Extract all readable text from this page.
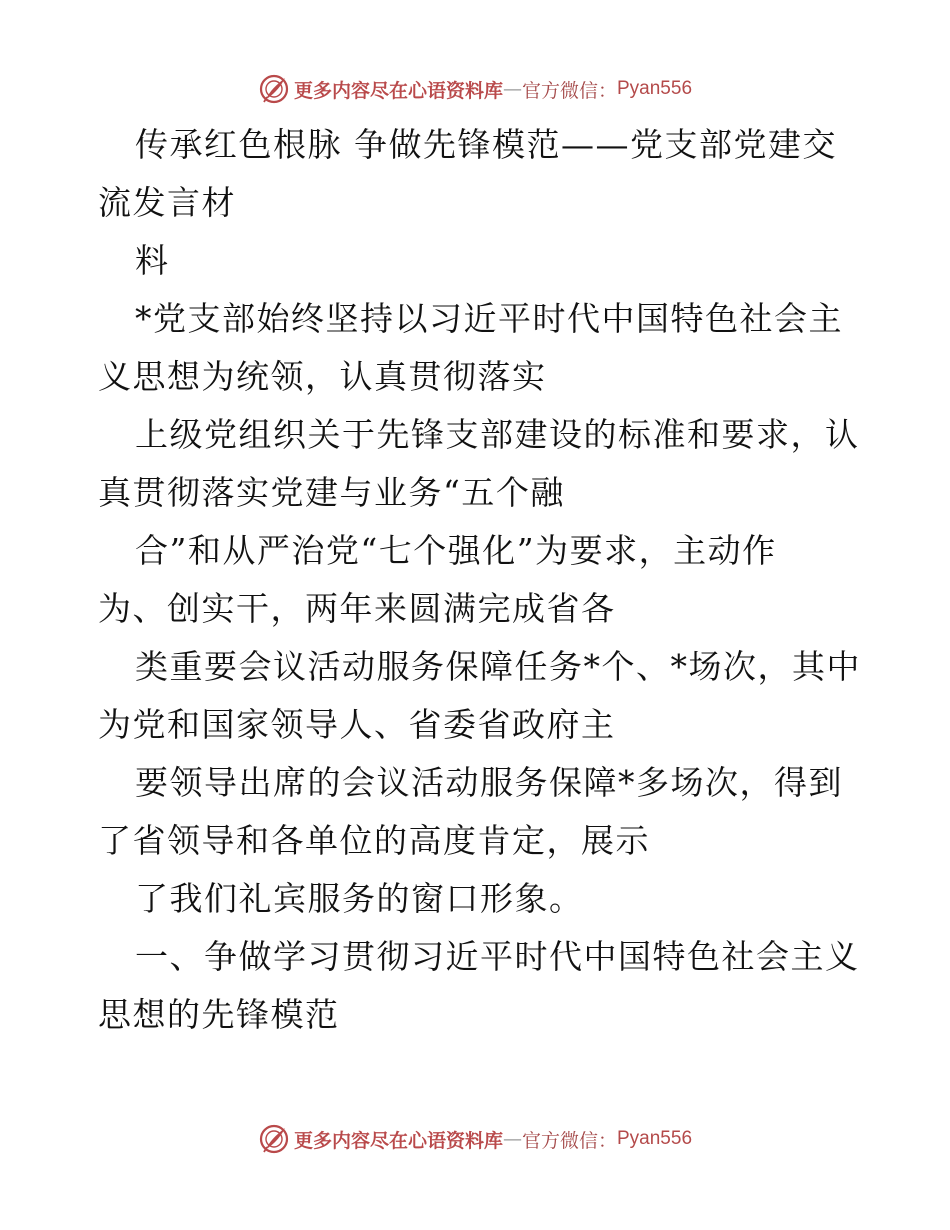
更多内容尽在心语资料库 — 官方微信： Pyan556
传承红色根脉 争做先锋模范——党支部党建交
流发言材
料
*党支部始终坚持以习近平时代中国特色社会主
义思想为统领，认真贯彻落实
上级党组织关于先锋支部建设的标准和要求，认
真贯彻落实党建与业务“五个融
合”和从严治党“七个强化”为要求，主动作
为、创实干，两年来圆满完成省各
类重要会议活动服务保障任务*个、*场次，其中
为党和国家领导人、省委省政府主
要领导出席的会议活动服务保障*多场次，得到
了省领导和各单位的高度肯定，展示
了我们礼宾服务的窗口形象。
一、争做学习贯彻习近平时代中国特色社会主义
思想的先锋模范
更多内容尽在心语资料库 — 官方微信： Pyan556
